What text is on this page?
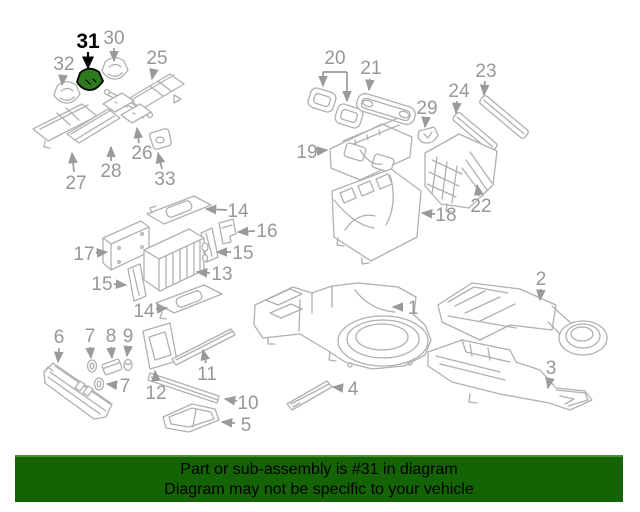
32
31 30
25	20 21	23
24
29
19
26
27
28 33
22
18
14
16
17	15
13
15
14
6 7 8 9
7 12
11
10
5
4
1
2
3
Part or sub-assembly is #31 in diagram
Diagram may not be specific to your vehicle
